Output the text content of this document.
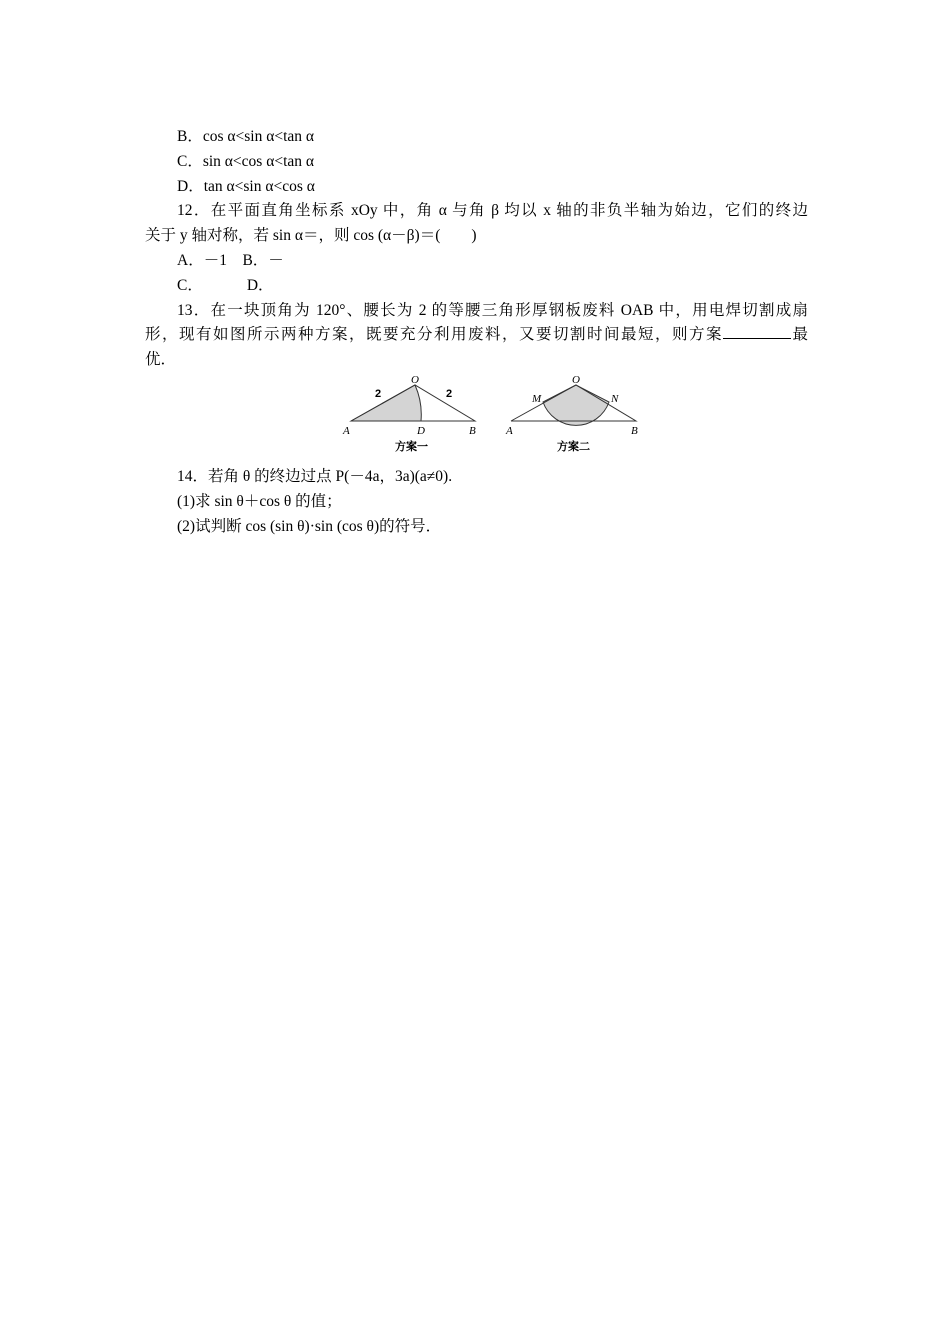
B．cos α<sin α<tan α
C．sin α<cos α<tan α
D．tan α<sin α<cos α
12．在平面直角坐标系 xOy 中，角 α 与角 β 均以 x 轴的非负半轴为始边，它们的终边
关于 y 轴对称，若 sin α＝，则 cos (α－β)＝(　　)
A．－1　B．－
C．	D．
13．在一块顶角为 120°、腰长为 2 的等腰三角形厚钢板废料 OAB 中，用电焊切割成扇
形，现有如图所示两种方案，既要充分利用废料，又要切割时间最短，则方案	最
优．
2	2
O
A	D	B
方案一
O
M	N
A	B
方案二
14．若角 θ 的终边过点 P(－4a，3a)(a≠0).
(1)求 sin θ＋cos θ 的值；
(2)试判断 cos (sin θ)·sin (cos θ)的符号．
